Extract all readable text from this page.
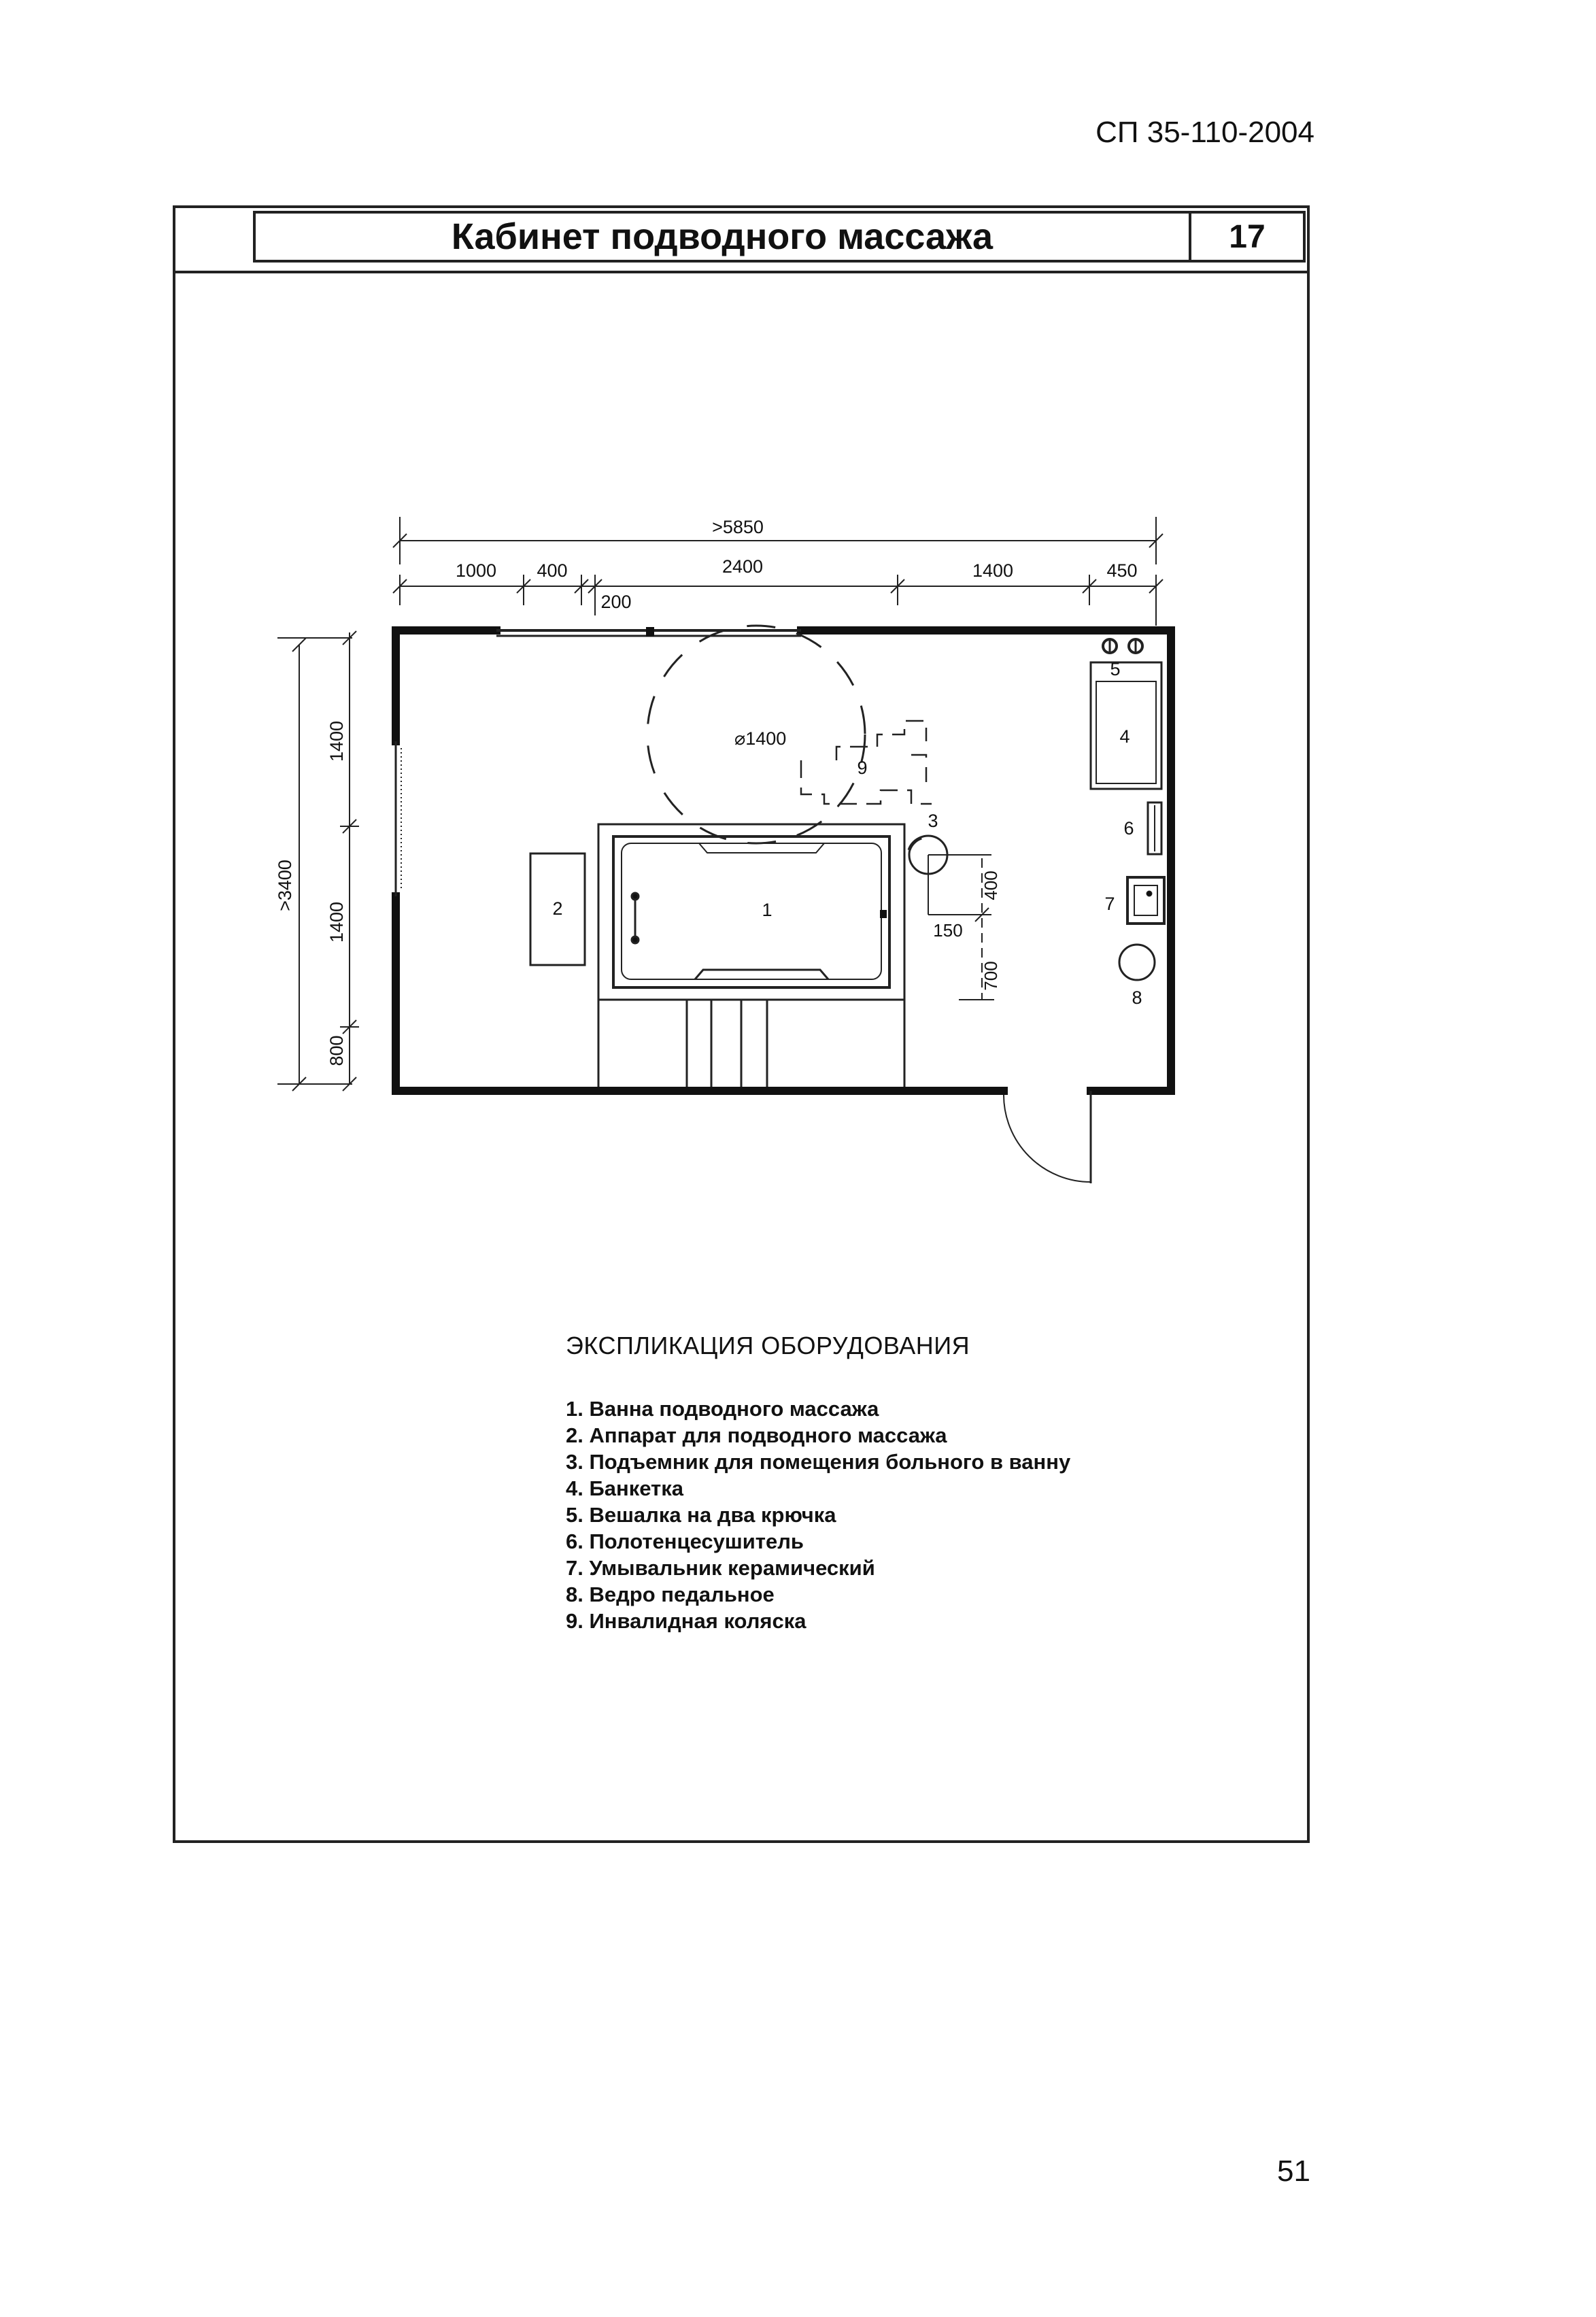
СП 35-110-2004
Кабинет подводного массажа	17
>5850
1000 400	2400	1400	450
200
>3400
1400
1400
800
⌀1400
150
400
700
1
2
3
4
5
6
7
8
9
ЭКСПЛИКАЦИЯ ОБОРУДОВАНИЯ
1. Ванна подводного массажа
2. Аппарат для подводного массажа
3. Подъемник для помещения больного в ванну
4. Банкетка
5. Вешалка на два крючка
6. Полотенцесушитель
7. Умывальник керамический
8. Ведро педальное
9. Инвалидная коляска
51
